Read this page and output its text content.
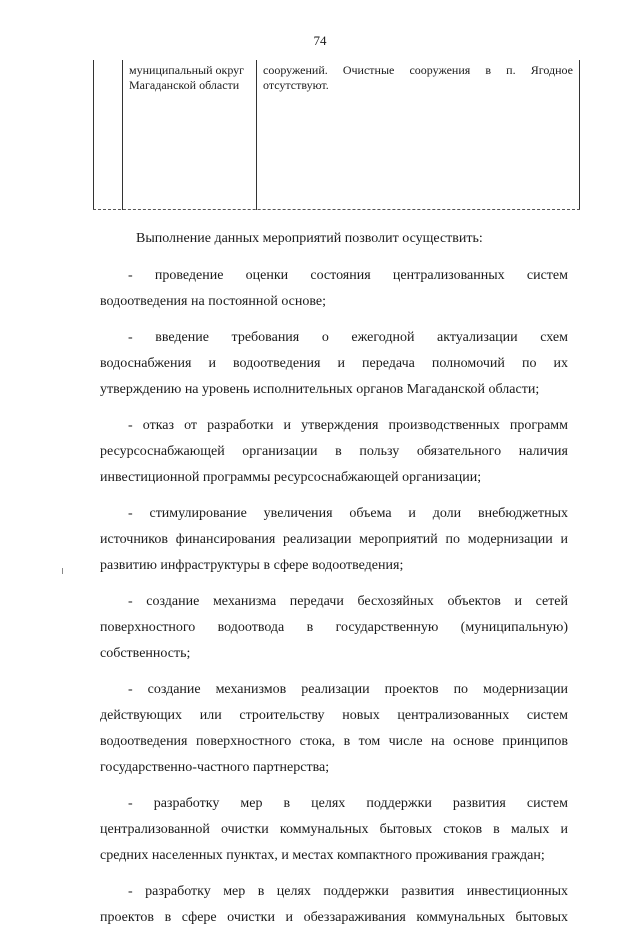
74
муниципальный округ
Магаданской области
сооружений. Очистные сооружения в п. Ягодное
отсутствуют.

Выполнение данных мероприятий позволит осуществить:

- проведение оценки состояния централизованных систем
водоотведения на постоянной основе;
- введение требования о ежегодной актуализации схем
водоснабжения и водоотведения и передача полномочий по их
утверждению на уровень исполнительных органов Магаданской области;
- отказ от разработки и утверждения производственных программ
ресурсоснабжающей организации в пользу обязательного наличия
инвестиционной программы ресурсоснабжающей организации;
- стимулирование увеличения объема и доли внебюджетных
источников финансирования реализации мероприятий по модернизации и
развитию инфраструктуры в сфере водоотведения;
- создание механизма передачи бесхозяйных объектов и сетей
поверхностного водоотвода в государственную (муниципальную)
собственность;
- создание механизмов реализации проектов по модернизации
действующих или строительству новых централизованных систем
водоотведения поверхностного стока, в том числе на основе принципов
государственно-частного партнерства;
- разработку мер в целях поддержки развития систем
централизованной очистки коммунальных бытовых стоков в малых и
средних населенных пунктах, и местах компактного проживания граждан;
- разработку мер в целях поддержки развития инвестиционных
проектов в сфере очистки и обеззараживания коммунальных бытовых
